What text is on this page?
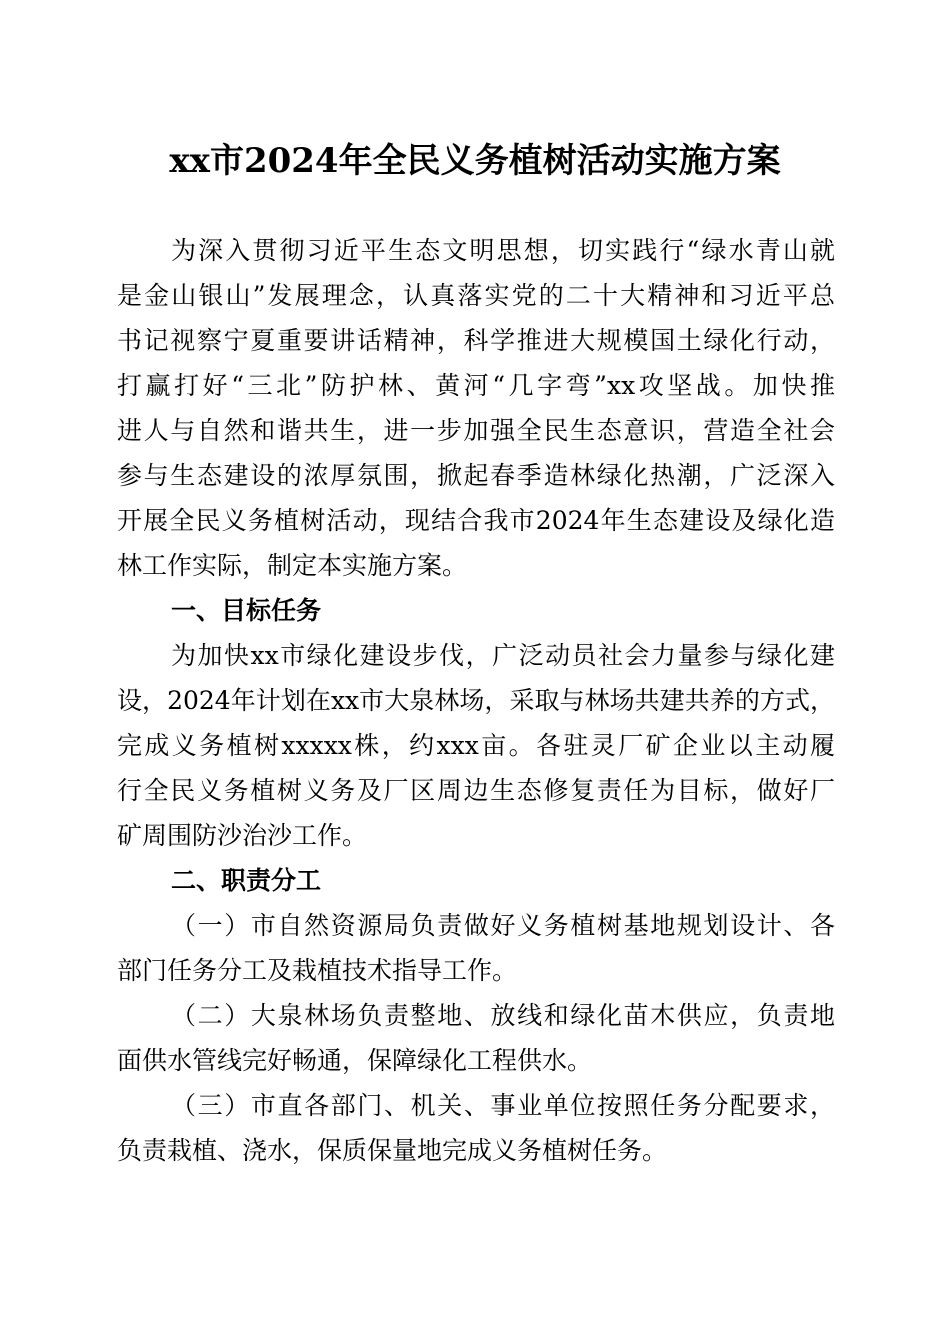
xx市2024年全民义务植树活动实施方案
为深入贯彻习近平生态文明思想，切实践行“绿水青山就
是金山银山”发展理念，认真落实党的二十大精神和习近平总
书记视察宁夏重要讲话精神，科学推进大规模国土绿化行动，
打赢打好“三北”防护林、黄河“几字弯”xx攻坚战。加快推
进人与自然和谐共生，进一步加强全民生态意识，营造全社会
参与生态建设的浓厚氛围，掀起春季造林绿化热潮，广泛深入
开展全民义务植树活动，现结合我市2024年生态建设及绿化造
林工作实际，制定本实施方案。
一、目标任务
为加快xx市绿化建设步伐，广泛动员社会力量参与绿化建
设，2024年计划在xx市大泉林场，采取与林场共建共养的方式，
完成义务植树xxxxx株，约xxx亩。各驻灵厂矿企业以主动履
行全民义务植树义务及厂区周边生态修复责任为目标，做好厂
矿周围防沙治沙工作。
二、职责分工
（一）市自然资源局负责做好义务植树基地规划设计、各
部门任务分工及栽植技术指导工作。
（二）大泉林场负责整地、放线和绿化苗木供应，负责地
面供水管线完好畅通，保障绿化工程供水。
（三）市直各部门、机关、事业单位按照任务分配要求，
负责栽植、浇水，保质保量地完成义务植树任务。
